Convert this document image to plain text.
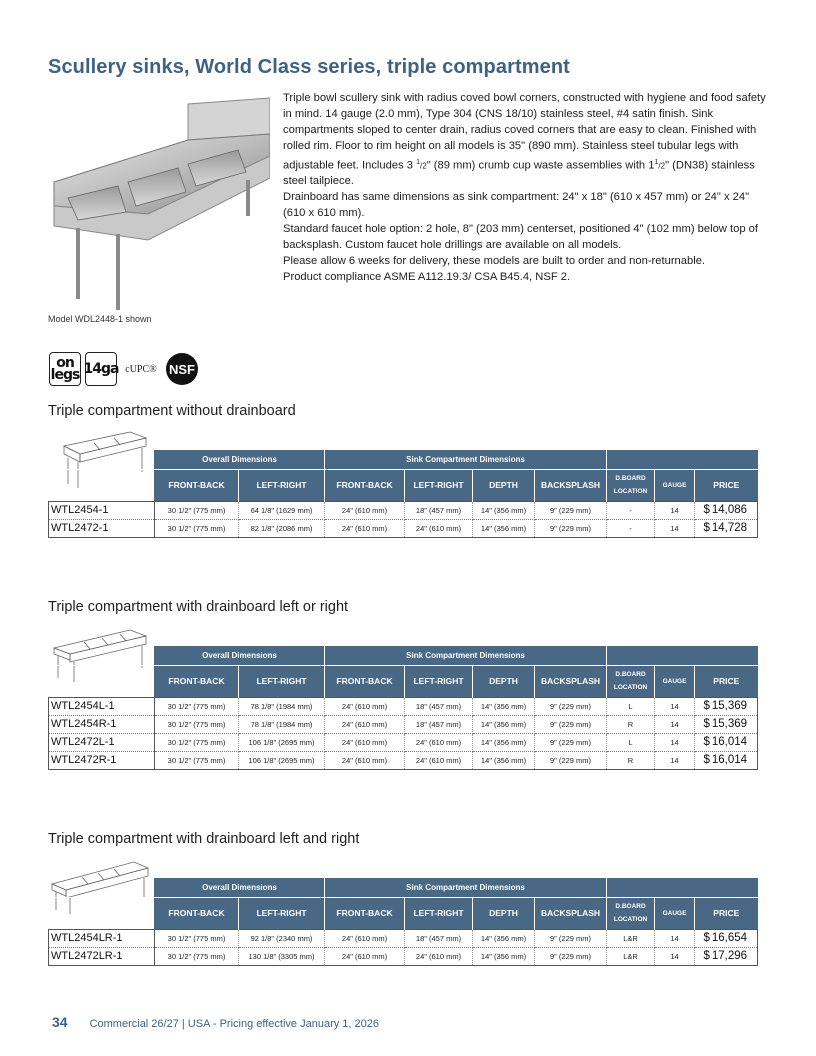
Scullery sinks, World Class series, triple compartment
Model WDL2448-1 shown

Triple bowl scullery sink with radius coved bowl corners, constructed with hygiene and food safety in mind. 14 gauge (2.0 mm), Type 304 (CNS 18/10) stainless steel, #4 satin finish. Sink compartments sloped to center drain, radius coved corners that are easy to clean. Finished with rolled rim. Floor to rim height on all models is 35" (890 mm). Stainless steel tubular legs with adjustable feet. Includes 3 $^1$/2" (89 mm) crumb cup waste assemblies with $1^1/2$" (DN38) stainless steel tailpiece.

Drainboard has same dimensions as sink compartment: 24" x 18" (610 x 457 mm) or 24" x 24" (610 x 610 mm).

Standard faucet hole option: 2 hole, 8" (203 mm) centerset, positioned 4" (102 mm) below top of backsplash. Custom faucet hole drillings are available on all models.

Please allow 6 weeks for delivery, these models are built to order and non-returnable.

Product compliance ASME A112.19.3/ CSA B45.4, NSF 2.

on
legs 14ga cUPC® NSF
Triple compartment without drainboard
	Overall Dimensions		Sink Compartment Dimensions						
	FRONT-BACK	LEFT-RIGHT	FRONT-BACK	LEFT-RIGHT	DEPTH	BACKSPLASH	D.BOARD
LOCATION	GAUGE	PRICE
WTL2454-1	30 1/2" (775 mm)	64 1/8" (1629 mm)	24" (610 mm)	18" (457 mm)	14" (356 mm)	9" (229 mm)	-	14	$ 14,086
WTL2472-1	30 1/2" (775 mm)	82 1/8" (2086 mm)	24" (610 mm)	24" (610 mm)	14" (356 mm)	9" (229 mm)	-	14	$ 14,728
Triple compartment with drainboard left or right
	Overall Dimensions		Sink Compartment Dimensions						
	FRONT-BACK	LEFT-RIGHT	FRONT-BACK	LEFT-RIGHT	DEPTH	BACKSPLASH	D.BOARD
LOCATION	GAUGE	PRICE
WTL2454L-1	30 1/2" (775 mm)	78 1/8" (1984 mm)	24" (610 mm)	18" (457 mm)	14" (356 mm)	9" (229 mm)	L	14	$ 15,369
WTL2454R-1	30 1/2" (775 mm)	78 1/8" (1984 mm)	24" (610 mm)	18" (457 mm)	14" (356 mm)	9" (229 mm)	R	14	$ 15,369
WTL2472L-1	30 1/2" (775 mm)	106 1/8" (2695 mm)	24" (610 mm)	24" (610 mm)	14" (356 mm)	9" (229 mm)	L	14	$ 16,014
WTL2472R-1	30 1/2" (775 mm)	106 1/8" (2695 mm)	24" (610 mm)	24" (610 mm)	14" (356 mm)	9" (229 mm)	R	14	$ 16,014
Triple compartment with drainboard left and right
	Overall Dimensions		Sink Compartment Dimensions						
	FRONT-BACK	LEFT-RIGHT	FRONT-BACK	LEFT-RIGHT	DEPTH	BACKSPLASH	D.BOARD
LOCATION	GAUGE	PRICE
WTL2454LR-1	30 1/2" (775 mm)	92 1/8" (2340 mm)	24" (610 mm)	18" (457 mm)	14" (356 mm)	9" (229 mm)	L&R	14	$ 16,654
WTL2472LR-1	30 1/2" (775 mm)	130 1/8" (3305 mm)	24" (610 mm)	24" (610 mm)	14" (356 mm)	9" (229 mm)	L&R	14	$ 17,296
34 Commercial 26/27 | USA - Pricing effective January 1, 2026
